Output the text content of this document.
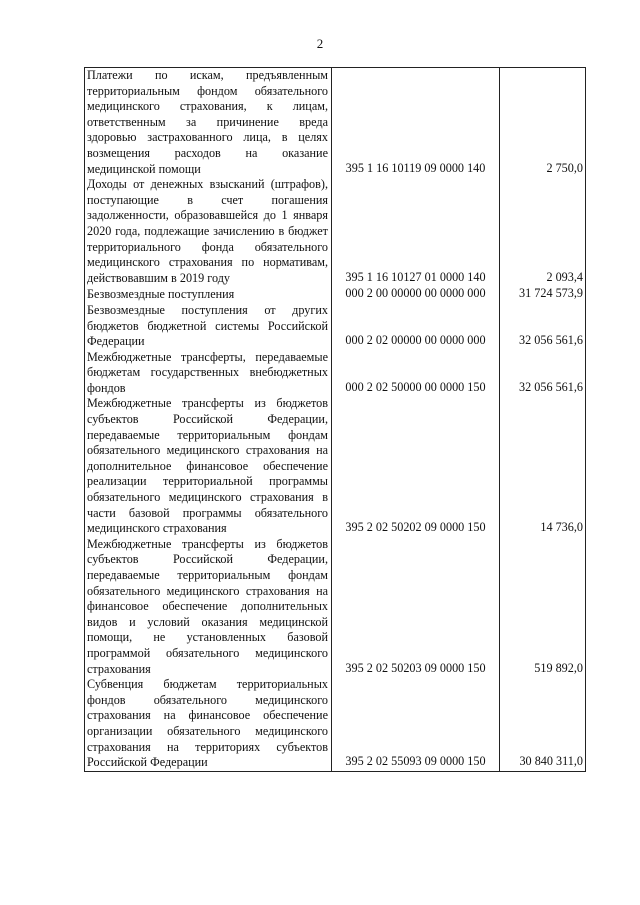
2
Платежи по искам, предъявленным территориальным фондом обязательного медицинского страхования, к лицам, ответственным за причинение вреда здоровью застрахованного лица, в целях возмещения расходов на оказание медицинской помощи	395 1 16 10119 09 0000 140	2 750,0
Доходы от денежных взысканий (штрафов), поступающие в счет погашения задолженности, образовавшейся до 1 января 2020 года, подлежащие зачислению в бюджет территориального фонда обязательного медицинского страхования по нормативам, действовавшим в 2019 году	395 1 16 10127 01 0000 140	2 093,4
Безвозмездные поступления	000 2 00 00000 00 0000 000	31 724 573,9
Безвозмездные поступления от других бюджетов бюджетной системы Российской Федерации	000 2 02 00000 00 0000 000	32 056 561,6
Межбюджетные трансферты, передаваемые бюджетам государственных внебюджетных фондов	000 2 02 50000 00 0000 150	32 056 561,6
Межбюджетные трансферты из бюджетов субъектов Российской Федерации, передаваемые территориальным фондам обязательного медицинского страхования на дополнительное финансовое обеспечение реализации территориальной программы обязательного медицинского страхования в части базовой программы обязательного медицинского страхования	395 2 02 50202 09 0000 150	14 736,0
Межбюджетные трансферты из бюджетов субъектов Российской Федерации, передаваемые территориальным фондам обязательного медицинского страхования на финансовое обеспечение дополнительных видов и условий оказания медицинской помощи, не установленных базовой программой обязательного медицинского страхования	395 2 02 50203 09 0000 150	519 892,0
Субвенция бюджетам территориальных фондов обязательного медицинского страхования на финансовое обеспечение организации обязательного медицинского страхования на территориях субъектов Российской Федерации	395 2 02 55093 09 0000 150	30 840 311,0
